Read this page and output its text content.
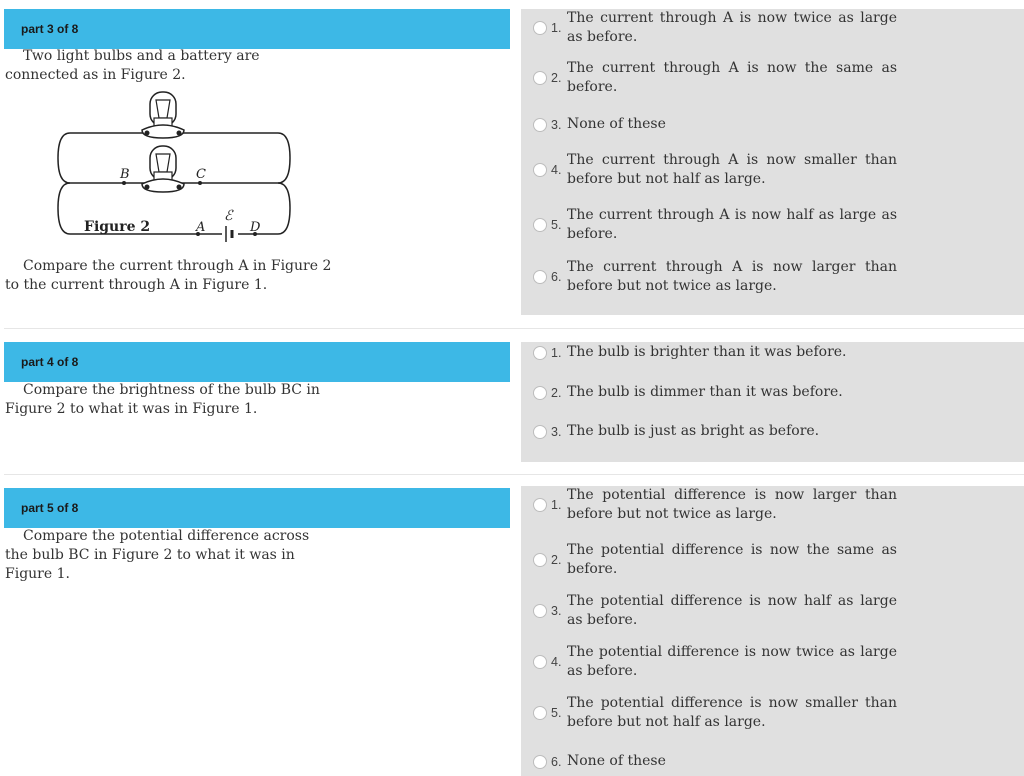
part 3 of 8
Two light bulbs and a battery are connected as in Figure 2.
B	C
A	D
ℰ
Figure 2
Compare the current through A in Figure 2 to the current through A in Figure 1.
1.
The current through A is now twice as large as before.
2.
The current through A is now the same as before.
3. None of these
4.
The current through A is now smaller than before but not half as large.
5.
The current through A is now half as large as before.
6.
The current through A is now larger than before but not twice as large.
part 4 of 8
Compare the brightness of the bulb BC in Figure 2 to what it was in Figure 1.
1. The bulb is brighter than it was before.
2. The bulb is dimmer than it was before.
3. The bulb is just as bright as before.
part 5 of 8
Compare the potential difference across the bulb BC in Figure 2 to what it was in Figure 1.
1.
The potential difference is now larger than before but not twice as large.
2.
The potential difference is now the same as before.
3.
The potential difference is now half as large as before.
4.
The potential difference is now twice as large as before.
5.
The potential difference is now smaller than before but not half as large.
6. None of these
